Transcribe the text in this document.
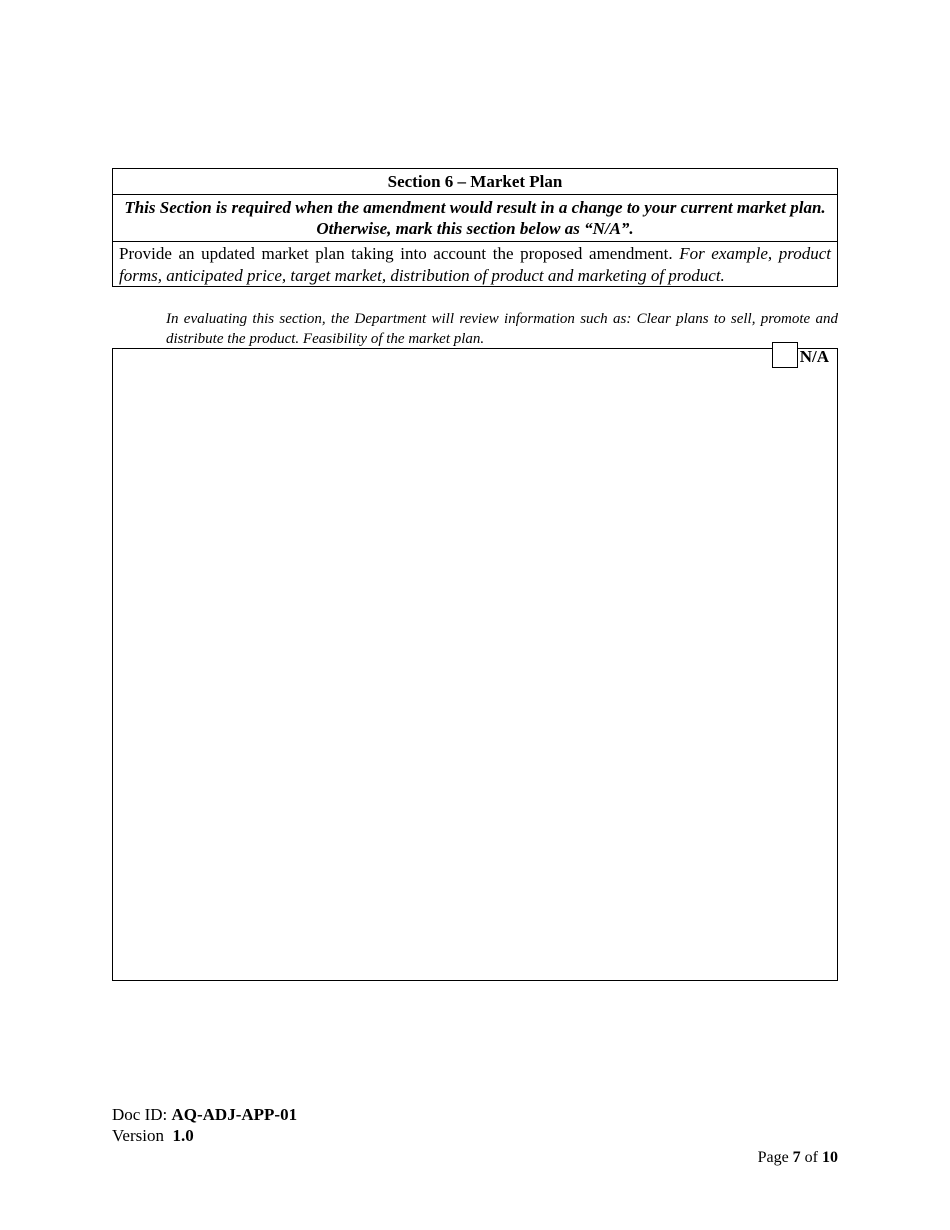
Section 6 – Market Plan
This Section is required when the amendment would result in a change to your current market plan. Otherwise, mark this section below as “N/A”.
Provide an updated market plan taking into account the proposed amendment. For example, product forms, anticipated price, target market, distribution of product and marketing of product.
In evaluating this section, the Department will review information such as: Clear plans to sell, promote and distribute the product. Feasibility of the market plan.
N/A
Doc ID: AQ-ADJ-APP-01
Version 1.0
Page 7 of 10
